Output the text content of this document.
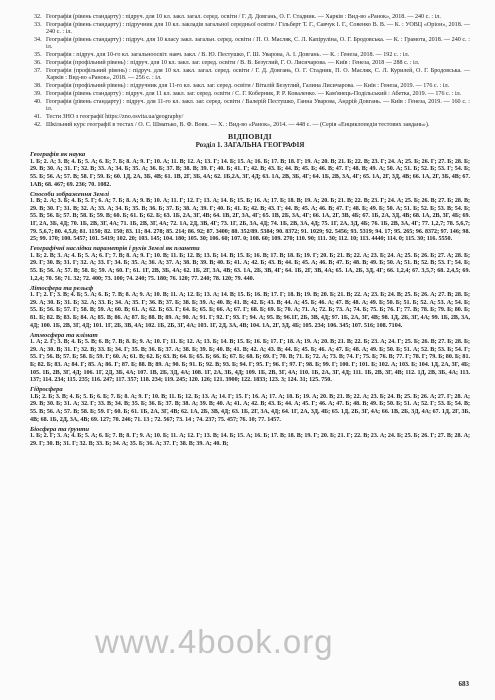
32. Географія (рівень стандарту) : підруч. для 10 кл. закл. загал. серед. освіти / Г. Д. Довгань, О. Г. Стадник. — Харків : Вид-во «Ранок», 2018. — 240 с. : іл.
33. Географія (рівень стандарту) : підручник для 10 кл. закладів загальної середньої освіти / Гільберт Т. Г., Савчук І. Г., Совенко В. В. — К. : УОВЦ «Оріон», 2018. — 240 с. : іл.
34. Географія (рівень стандарту) : підруч. для 10 класу закл. загальн. серед. освіти / П. О. Масляк, С. Л. Капіруліна, О. Г. Бродовська. — К. : Грамота, 2018. — 240 с. : іл.
35. Географія : підруч. для 10-го кл. загальноосвіт. навч. закл. / В. Ю. Пестушко, Г. Ш. Уварова, А. І. Довгань. — К. : Генеза, 2018. — 192 с. : іл.
36. Географія (профільний рівень) : підруч. для 10 кл. закл. заг. серед. освіти / В. В. Безуглий, Г. О. Лисичарова. — Київ : Генеза, 2018 — 288 с. : іл.
37. Географія (профільний рівень) : підруч. для 10 кл. закл. загал. серед. освіти / Г. Д. Довгань, О. Г. Стадник, П. О. Масляк, С. Л. Курилей, О. Г. Бродовська. — Харків : Вид-во «Ранок», 2018. — 256 с. : іл.
38. Географія (профільний рівень) : підручник для 11-го кл. закл. заг. серед. освіти / Віталій Безуглий, Галина Лисичарова. — Київ : Генеза, 2019. — 176 с. : іл.
39. Географія (рівень стандарту) : підруч. для 11 кл. закл. заг. серед. освіти / С. Г. Коберник, Р. Р. Коваленко. — Кам'янець-Подільський : Абетка, 2019. — 176 с. : іл.
40. Географія (рівень стандарту) : підруч. для 11-го кл. закл. заг. серед. освіти / Валерій Пестушко, Ганна Уварова, Андрій Довгань. — Київ : Генеза, 2019. — 160 с. : іл.
41. Тести ЗНО з географії https://zno.osvita.ua/geography/
42. Шкільний курс географії в тестах / О. С. Шматько, В. Ф. Вовк. — Х. : Вид-во «Ранок», 2014. — 448 с. — (Серія «Енциклопедія тестових завдань»).
ВІДПОВІДІ
Розділ 1. ЗАГАЛЬНА ГЕОГРАФІЯ
Географія як наука

1. Б; 2. А; 3. В; 4. Б; 5. А; 6. Б; 7. Б; 8. А; 9. Г; 10. А; 11. В; 12. А; 13. Г; 14. Б; 15. А; 16. Б; 17. В; 18. Г; 19. А; 20. В; 21. Б; 22. В; 23. Г; 24. А; 25. Б; 26. Г; 27. Б; 28. Б; 29. В; 30. А; 31. Г; 32. В; 33. А; 34. Б; 35. А; 36. Б; 37. В; 38. В; 39. Г; 40. Б; 41. Г; 42. В; 43. Б; 44. В; 45. Б; 46. В; 47. Г; 48. В; 49. А; 50. А; 51. Б; 52. Б; 53. Г; 54. Б; 55. Б; 56. А; 57. В; 58. Г; 59. Б; 60. 1Д, 2А, 3Б, 4В; 61. 1В, 2Г, 3Б, 4А; 62. 1Б,2А, 3Г, 4Д; 63. 1А, 2В, 3Б, 4Г; 64. 1Б, 2В, 3А, 4Г; 65. 1А, 2Г, 3Д, 4В; 66. 1А, 2Г, 3Б, 4В; 67. 1АВ; 68. 467; 69. 236; 70. 1082.

Способи зображення Землі

1. В; 2. А; 3. Б; 4. Б; 5. Г; 6. А; 7. Б; 8. А; 9. В; 10. А; 11. Г; 12. Г; 13. А; 14. Б; 15. Б; 16. А; 17. Б; 18. В; 19. А; 20. Б; 21. В; 22. В; 23. Г; 24. А; 25. Б; 26. В; 27. Б; 28. В; 29. В; 30. Г; 31. В; 32. А; 33. А; 34. Б; 35. В; 36. Б; 37. Б; 38. А; 39. Г; 40. Б; 41. Б; 42. В; 43. Г; 44. В; 45. А; 46. В; 47. Г; 48. Б; 49. Б; 50. А; 51. Б; 52. Б; 53. В; 54. Б; 55. В; 56. Б; 57. В; 58. Б; 59. В; 60. Б; 61. Б; 62. Б; 63. 1Б, 2А, 3Г, 4В; 64. 1В, 2Г, 3А, 4Г; 65. 1В, 2Б, 3А, 4Г; 66. 1А, 2Г, 3В, 4Б; 67. 1Б, 2А, 3Д, 4В; 68. 1А, 2В, 3Г, 4Б; 69. 1Г, 2А, 3Б, 4Д; 70. 1Б, 2В, 3Г, 4А; 71. 1Б, 2В, 3Г, 4А; 72. 1А, 2Д, 3В, 4Г; 73. 1Г, 2Б, 3А, 4Д; 74. 1Б, 2В, 3А, 4Д; 75. 1Г, 2А, 3Д, 4Б; 76. 1Б, 2В, 3А, 4Г; 77. 1,2,7; 78. 5,6,7; 79. 5,6,7; 80. 4,5,8; 81. 1150; 82. 150; 83. 11; 84. 278; 85. 214; 86. 92; 87. 3400; 88. 352/89. 5384; 90. 8372; 91. 1029; 92. 5456; 93. 5319; 94. 17; 95. 265; 96. 8372; 97. 146; 98. 25; 99. 170; 100. 5457; 101. 5419; 102. 20; 103. 145; 104. 180; 105. 30; 106. 60; 107. 0; 108. 60; 109. 270; 110. 90; 111. 30; 112. 10; 113. 4440; 114. 0; 115. 30; 116. 5550.

Географічні наслідки параметрів і рухів Землі як планети

1. Б; 2. В; 3. А; 4. Б; 5. А; 6. Г; 7. В; 8. А; 9. Г; 10. В; 11. Б; 12. В; 13. Б; 14. В; 15. Б; 16. В; 17. В; 18. Б; 19. Г; 20. Б; 21. В; 22. А; 23. Б; 24. А; 25. Б; 26. Б; 27. А; 28. Б; 29. Г; 30. В; 31. Г; 32. А; 33. Г; 34. Б; 35. А; 36. А; 37. А; 38. В; 39. В; 40. Б; 41. А; 42. Б; 43. В; 44. Б; 45. А; 46. В; 47. Б; 48. В; 49. Б; 50. А; 51. В; 52. В; 53. Г; 54. Б; 55. Б; 56. А; 57. В; 58. Б; 59. А; 60. Г; 61. 1Г, 2В, 3Б, 4А; 62. 1Б, 2Г, 3А, 4В; 63. 1А, 2Б, 3В, 4Г; 64. 1Б, 2Г, 3В, 4А; 65. 1А, 2Б, 3Д, 4Г; 66. 1,2,4; 67. 3,5,7; 68. 2,4,5; 69. 1,2,4; 70. 56; 71. 32; 72. 400; 73. 100; 74. 240; 75. 180; 76. 120; 77. 240; 78. 120; 79. 440.

Літосфера та рельєф

1. Г; 2. Г; 3. В; 4. Б; 5. А; 6. Б; 7. В; 8. А; 9. А; 10. В; 11. А; 12. Б; 13. А; 14. В; 15. Б; 16. В; 17. Г; 18. В; 19. В; 20. Б; 21. В; 22. А; 23. Б; 24. В; 25. Б; 26. А; 27. В; 28. Б; 29. А; 30. Б; 31. Б; 32. А; 33. Б; 34. А; 35. Г; 36. В; 37. Б; 38. Б; 39. А; 40. В; 41. В; 42. Б; 43. В; 44. А; 45. Б; 46. А; 47. В; 48. А; 49. Б; 50. Б; 51. Б; 52. А; 53. А; 54. Б; 55. Б; 56. Б; 57. Г; 58. В; 59. А; 60. В; 61. А; 62. Б; 63. Г; 64. Б; 65. Б; 66. А; 67. Г; 68. Б; 69. Б; 70. А; 71. А; 72. Б; 73. А; 74. Б; 75. Б; 76. Г; 77. В; 78. Б; 79. Б; 80. Б; 81. Б; 82. В; 83. Б; 84. А; 85. В; 86. А; 87. Б; 88. В; 89. А; 90. А; 91. Г; 92. Г; 93. Г; 94. А; 95. В; 96.1Г, 2Б, 3В, 4Д; 97. 1Б, 2А, 3Г, 4В; 98. 1Д, 2Б, 3Г, 4А; 99. 1Б, 2В, 3А, 4Д; 100. 1Б, 2В, 3Г, 4Д; 101. 1Г, 2Б, 3В, 4А; 102. 1Б, 2Б, 3Г, 4А; 103. 1Г, 2Д, 3А, 4В; 104. 1А, 2Г, 3Д, 4Б; 105. 234; 106. 345; 107. 516; 108. 7104.

Атмосфера та клімат

1. А; 2. Г; 3. В; 4. Б; 5. В; 6. В; 7. В; 8. Б; 9. А; 10. Г; 11. Б; 12. А; 13. Б; 14. В; 15. Б; 16. Б; 17. Г; 18. А; 19. А; 20. В; 21. В; 22. Б; 23. А; 24. Г; 25. Б; 26. В; 27. Б; 28. Б; 29. А; 30. В; 31. Г; 32. В; 33. Б; 34. Г; 35. В; 36. Б; 37. А; 38. Б; 39. Б; 40. В; 41. В; 42. А; 43. В; 44. Б; 45. Б; 46. А; 47. Б; 48. А; 49. Б; 50. Б; 51. А; 52. В; 53. Б; 54. Г; 55. Г; 56. В; 57. Б; 58. Б; 59. Г; 60. А; 61. В; 62. Б; 63. В; 64. Б; 65. Б; 66. Б; 67. Б; 68. Б; 69. Г; 70. В; 71. Б; 72. А; 73. В; 74. Г; 75. Б; 76. В; 77. Г; 78. Г; 79. Б; 80. Б; 81. Б; 82. Б; 83. А; 84. Г; 85. А; 86. Г; 87. Б; 88. В; 89. А; 90. Б; 91. Б; 92. В; 93. Б; 94. Г; 95. Г; 96. Г; 97. Г; 98. Б; 99. Г; 100. Г; 101. Б; 102. А; 103. Б; 104. 1Д, 2А, 3Г, 4Б; 105. 1Б, 2В, 3Г, 4Д; 106. 1Г, 2Д, 3Б, 4А; 107. 1В, 2Б, 3Д, 4А; 108. 1Г, 2А, 3Б, 4Д; 109. 1Б, 2В, 3Г, 4А; 110. 1Б, 2А, 3Г, 4Д; 111. 1Б, 2В, 3Г, 4В; 112. 1Д, 2В, 3Б, 4А; 113. 137; 114. 234; 115. 235; 116. 247; 117. 357; 118. 234; 119. 245; 120. 126; 121. 3900; 122. 1833; 123. 3; 124. 31; 125. 750.

Гідросфера

1.Б; 2. Б; 3. В; 4. Б; 5. Б; 6. Б; 7. Б; 8. А; 9. Г; 10. В; 11. Б; 12. Б; 13. А; 14. Г; 15. Г; 16. А; 17. А; 18. Б; 19. А; 20. В; 21. В; 22. А; 23. Б; 24. В; 25. Б; 26. А; 27. Г; 28. А; 29. В; 30. Б; 31. А; 32. Г; 33. В; 34. В; 35. Б; 36. Б; 37. В; 38. А; 39. В; 40. А; 41. А; 42. В; 43. Б; 44. А; 45. Г; 46. А; 47. Б; 48. В; 49. Б; 50. Б; 51. А; 52. Г; 53. Б; 54. В; 55. В; 56. А; 57. В; 58. Б; 59. Г; 60. Б; 61. 1Б, 2А, 3Г, 4В; 62. 1А, 2Б, 3В, 4Д; 63. 1Б, 2Г, 3А, 4Д; 64. 1Г, 2А, 3Д, 4Б; 65. 1Д, 2Б, 3Г, 4А; 66. 1В, 2Б, 3Д, 4А; 67. 1Д, 2Г, 3Б, 4В; 68. 1Б, 2Д, 3А, 4В; 69. 127; 70. 246; 71. 13 ; 72. 567; 73. 14 ; 74. 237; 75. 457; 76. 10; 77. 1457.

Біосфера та ґрунти

1. Б; 2. Г; 3. А; 4. Б; 5. А; 6. Б; 7. В; 8. Г; 9. А; 10. Б; 11. А; 12. Г; 13. В; 14. Б; 15. А; 16. Б; 17. В; 18. В; 19. Г; 20. Б; 21. Г; 22. В; 23. А; 24. Б; 25. Б; 26. Г; 27. В; 28. А; 29. Г; 30. В; 31. Г; 32. В; 33. Б; 34. А; 35. Б; 36. А; 37. Г; 38. В; 39. А; 40. В;

www.4book.org
683
